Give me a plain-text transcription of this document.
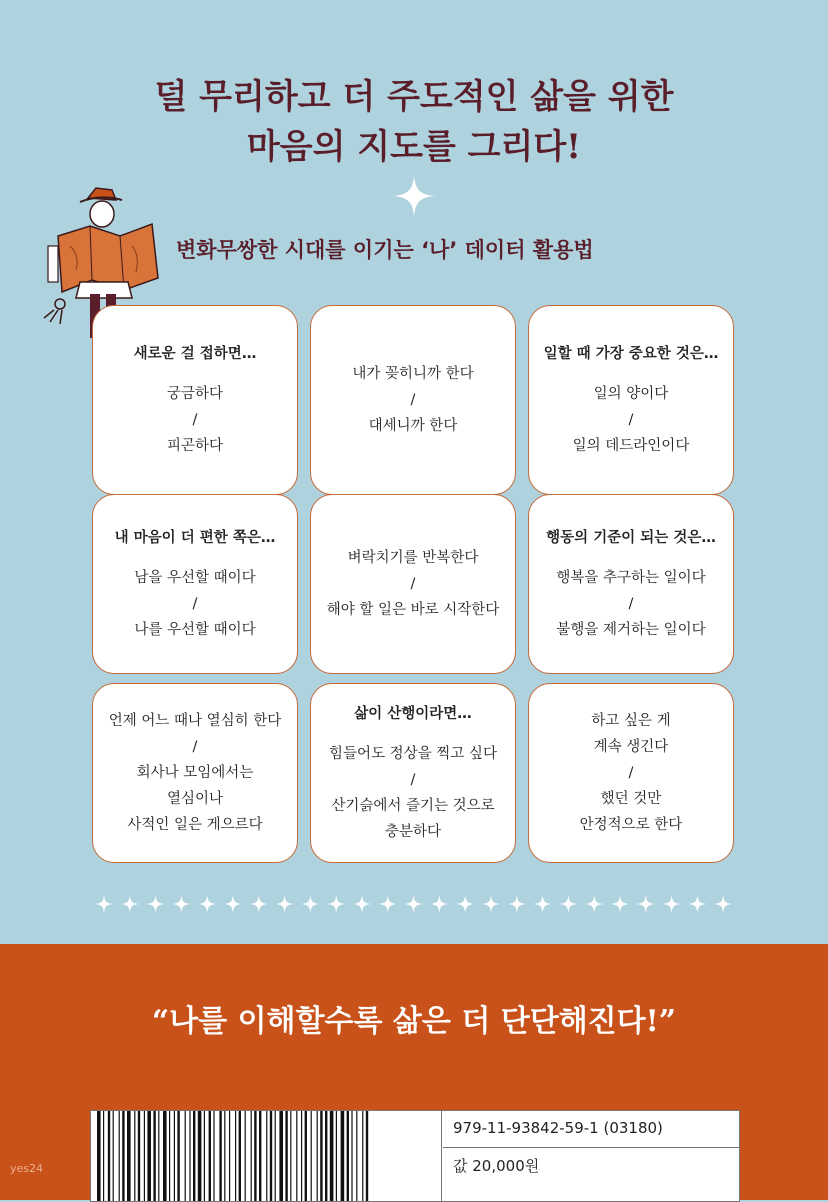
덜 무리하고 더 주도적인 삶을 위한
마음의 지도를 그리다!
변화무쌍한 시대를 이기는 ‘나’ 데이터 활용법
새로운 걸 접하면…
궁금하다
/
피곤하다
내가 꽂히니까 한다
/
대세니까 한다
일할 때 가장 중요한 것은…
일의 양이다
/
일의 데드라인이다
내 마음이 더 편한 쪽은…
남을 우선할 때이다
/
나를 우선할 때이다
벼락치기를 반복한다
/
해야 할 일은 바로 시작한다
행동의 기준이 되는 것은…
행복을 추구하는 일이다
/
불행을 제거하는 일이다
언제 어느 때나 열심히 한다
/
회사나 모임에서는
열심이나
사적인 일은 게으르다
삶이 산행이라면…
힘들어도 정상을 찍고 싶다
/
산기슭에서 즐기는 것으로
충분하다
하고 싶은 게
계속 생긴다
/
했던 것만
안정적으로 한다
“나를 이해할수록 삶은 더 단단해진다!”
979-11-93842-59-1 (03180)
값 20,000원
yes24
